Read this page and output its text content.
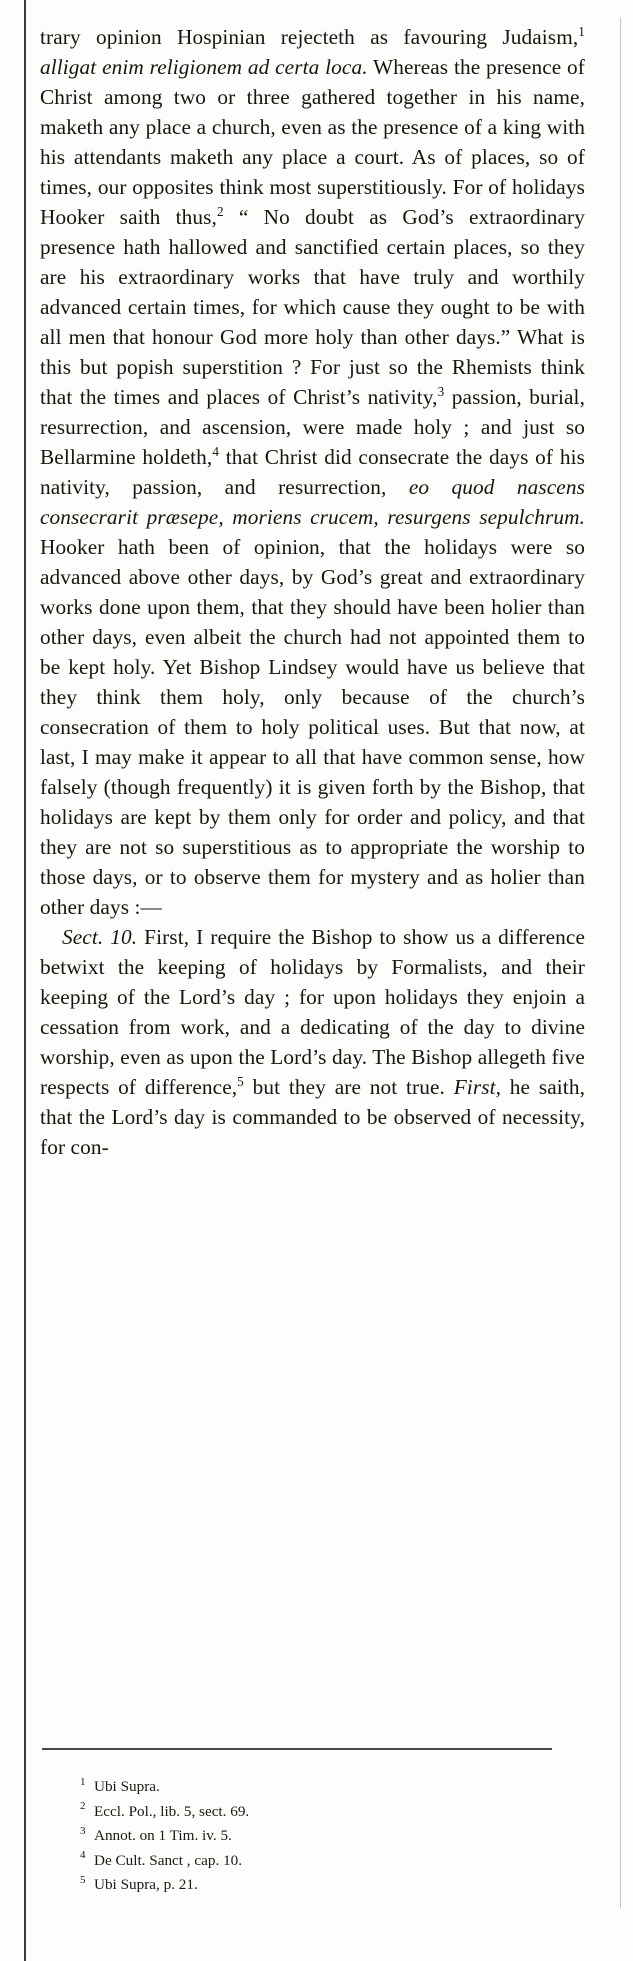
trary opinion Hospinian rejecteth as favouring Judaism,$^1$ alligat enim religionem ad certa loca. Whereas the presence of Christ among two or three gathered together in his name, maketh any place a church, even as the presence of a king with his attendants maketh any place a court. As of places, so of times, our opposites think most superstitiously. For of holidays Hooker saith thus,$^2$ “ No doubt as God’s extraordinary presence hath hallowed and sanctified certain places, so they are his extraordinary works that have truly and worthily advanced certain times, for which cause they ought to be with all men that honour God more holy than other days.” What is this but popish superstition ? For just so the Rhemists think that the times and places of Christ’s nativity,$^3$ passion, burial, resurrection, and ascension, were made holy ; and just so Bellarmine holdeth,$^4$ that Christ did consecrate the days of his nativity, passion, and resurrection, eo quod nascens consecrarit præsepe, moriens crucem, resurgens sepulchrum. Hooker hath been of opinion, that the holidays were so advanced above other days, by God’s great and extraordinary works done upon them, that they should have been holier than other days, even albeit the church had not appointed them to be kept holy. Yet Bishop Lindsey would have us believe that they think them holy, only because of the church’s consecration of them to holy political uses. But that now, at last, I may make it appear to all that have common sense, how falsely (though frequently) it is given forth by the Bishop, that holidays are kept by them only for order and policy, and that they are not so superstitious as to appropriate the worship to those days, or to observe them for mystery and as holier than other days :—

Sect. 10. First, I require the Bishop to show us a difference betwixt the keeping of holidays by Formalists, and their keeping of the Lord’s day ; for upon holidays they enjoin a cessation from work, and a dedicating of the day to divine worship, even as upon the Lord’s day. The Bishop allegeth five respects of difference,$^5$ but they are not true. First, he saith, that the Lord’s day is commanded to be observed of necessity, for con-

1 Ubi Supra.
2 Eccl. Pol., lib. 5, sect. 69.
3 Annot. on 1 Tim. iv. 5.
4 De Cult. Sanct , cap. 10.
5 Ubi Supra, p. 21.
